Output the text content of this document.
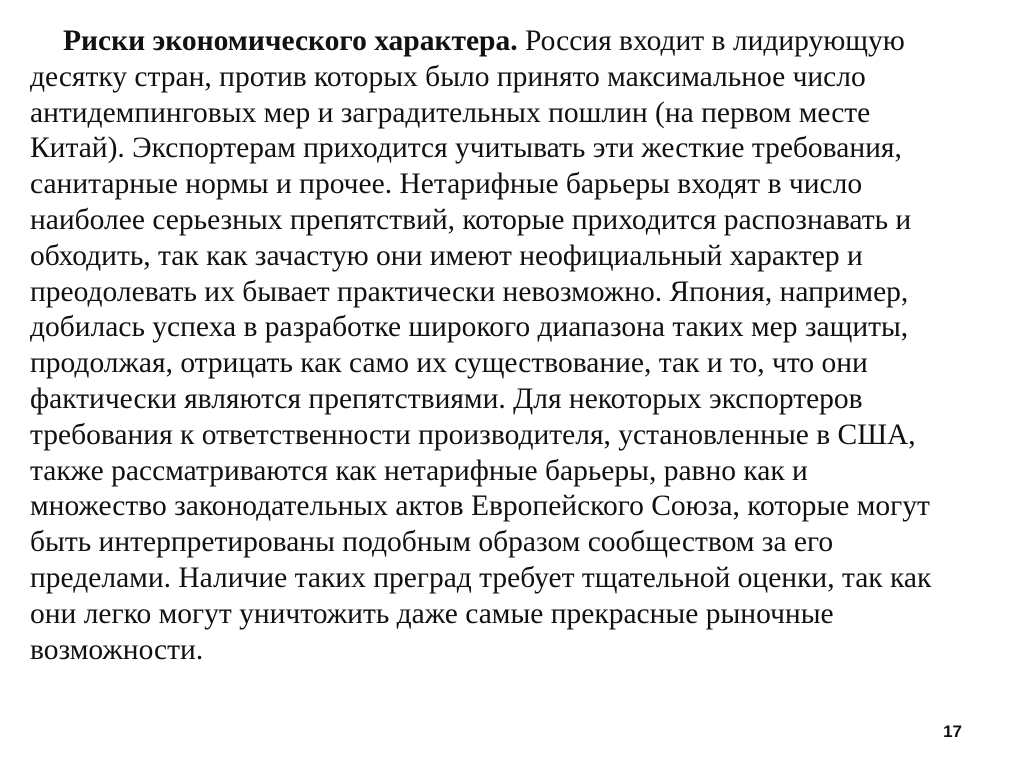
Риски экономического характера. Россия входит в лидирующую
десятку стран, против которых было принято максимальное число
антидемпинговых мер и заградительных пошлин (на первом месте
Китай). Экспортерам приходится учитывать эти жесткие требования,
санитарные нормы и прочее. Нетарифные барьеры входят в число
наиболее серьезных препятствий, которые приходится распознавать и
обходить, так как зачастую они имеют неофициальный характер и
преодолевать их бывает практически невозможно. Япония, например,
добилась успеха в разработке широкого диапазона таких мер защиты,
продолжая, отрицать как само их существование, так и то, что они
фактически являются препятствиями. Для некоторых экспортеров
требования к ответственности производителя, установленные в США,
также рассматриваются как нетарифные барьеры, равно как и
множество законодательных актов Европейского Союза, которые могут
быть интерпретированы подобным образом сообществом за его
пределами. Наличие таких преград требует тщательной оценки, так как
они легко могут уничтожить даже самые прекрасные рыночные
возможности.

17
